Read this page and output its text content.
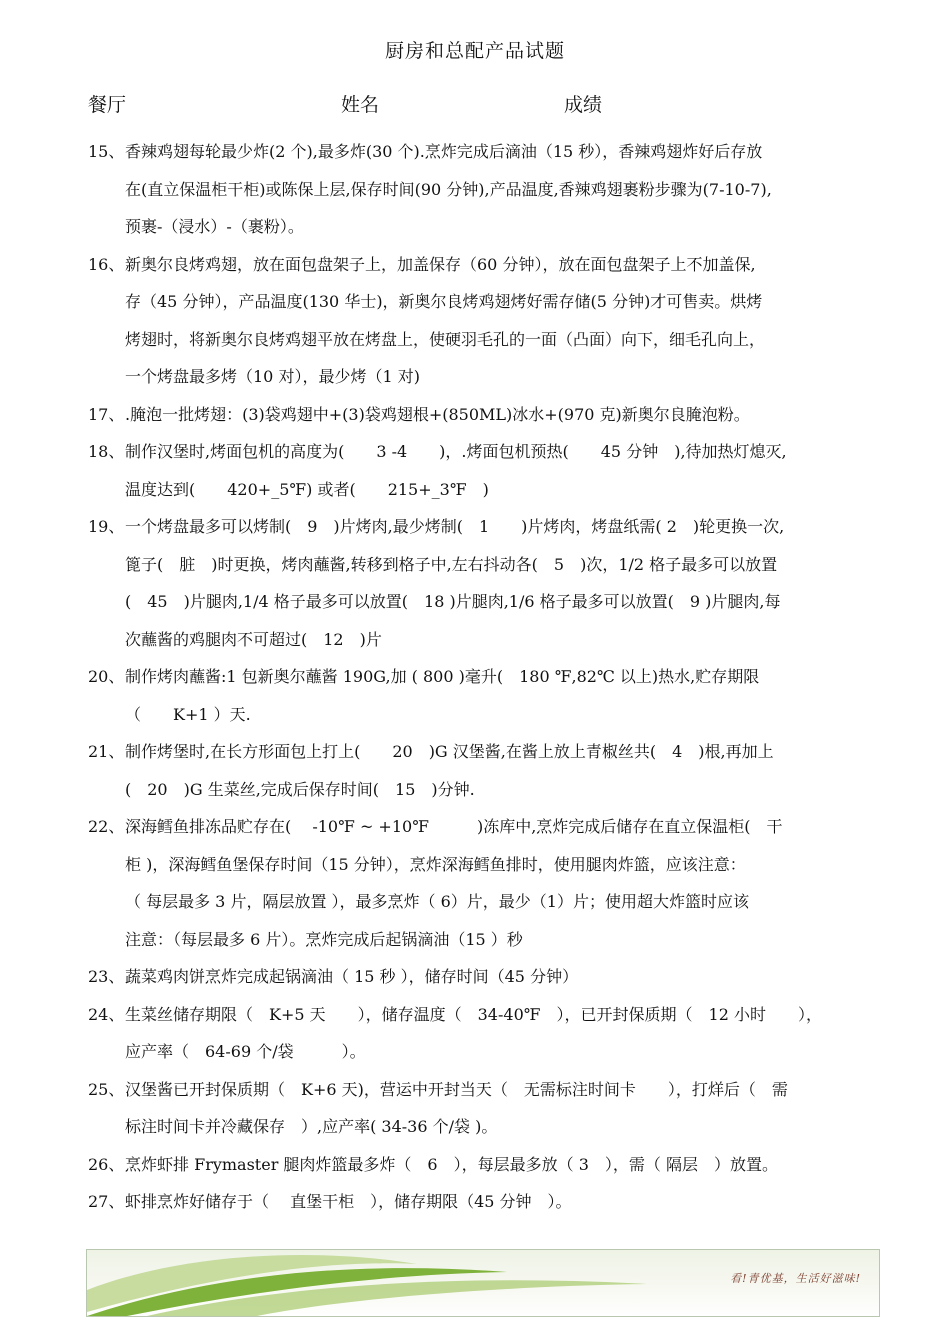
厨房和总配产品试题
餐厅	姓名	成绩
15、 香辣鸡翅每轮最少炸(2 个),最多炸(30 个).烹炸完成后滴油（15 秒），香辣鸡翅炸好后存放
在(直立保温柜干柜)或陈保上层,保存时间(90 分钟),产品温度,香辣鸡翅裹粉步骤为(7-10-7),
预裹-（浸水）-（裹粉）。
16、 新奥尔良烤鸡翅，放在面包盘架子上，加盖保存（60 分钟），放在面包盘架子上不加盖保,
存（45 分钟），产品温度(130 华士)，新奥尔良烤鸡翅烤好需存储(5 分钟)才可售卖。烘烤
烤翅时，将新奥尔良烤鸡翅平放在烤盘上，使硬羽毛孔的一面（凸面）向下，细毛孔向上，
一个烤盘最多烤（10 对），最少烤（1 对)
17、 .腌泡一批烤翅：(3)袋鸡翅中+(3)袋鸡翅根+(850ML)冰水+(970 克)新奥尔良腌泡粉。
18、 制作汉堡时,烤面包机的高度为(　　3 -4　　)，.烤面包机预热(　　45 分钟　),待加热灯熄灭,
温度达到(　　420+_5℉) 或者(　　215+_3℉　)
19、 一个烤盘最多可以烤制(　9　)片烤肉,最少烤制(　1　　)片烤肉，烤盘纸需( 2　)轮更换一次,
篦子(　脏　)时更换，烤肉蘸酱,转移到格子中,左右抖动各(　5　)次，1/2 格子最多可以放置
(　45　)片腿肉,1/4 格子最多可以放置(　18 )片腿肉,1/6 格子最多可以放置(　9 )片腿肉,每
次蘸酱的鸡腿肉不可超过(　12　)片
20、 制作烤肉蘸酱:1 包新奥尔蘸酱 190G,加 ( 800 )毫升(　180 ℉,82℃ 以上)热水,贮存期限
（　　K+1 ）天.
21、 制作烤堡时,在长方形面包上打上(　　20　)G 汉堡酱,在酱上放上青椒丝共(　4　)根,再加上
(　20　)G 生菜丝,完成后保存时间(　15　)分钟.
22、 深海鳕鱼排冻品贮存在(　 -10℉ ~ +10℉　　　)冻库中,烹炸完成后储存在直立保温柜(　干
柜 )，深海鳕鱼堡保存时间（15 分钟），烹炸深海鳕鱼排时，使用腿肉炸篮，应该注意：
（ 每层最多 3 片，隔层放置 ），最多烹炸（ 6）片，最少（1）片；使用超大炸篮时应该
注意：（每层最多 6 片）。烹炸完成后起锅滴油（15 ）秒
23、 蔬菜鸡肉饼烹炸完成起锅滴油（ 15 秒 ），储存时间（45 分钟）
24、 生菜丝储存期限（　K+5 天　　），储存温度（　34-40℉　），已开封保质期（　12 小时　　），
应产率（　64-69 个/袋　　　）。
25、 汉堡酱已开封保质期（　K+6 天)，营运中开封当天（　无需标注时间卡　　），打烊后（　需
标注时间卡并冷藏保存　）,应产率( 34-36 个/袋 )。
26、 烹炸虾排 Frymaster 腿肉炸篮最多炸（　6　），每层最多放（ 3　），需（ 隔层　）放置。
27、 虾排烹炸好储存于（　 直堡干柜　），储存期限（45 分钟　）。
看!青优基，生活好滋味!
